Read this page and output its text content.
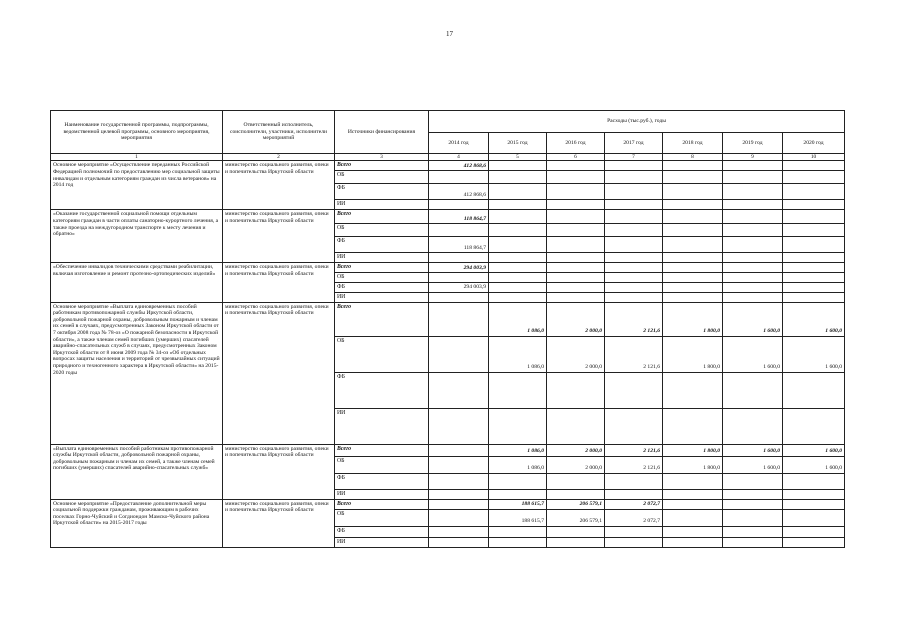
17
Наименование государственной программы, подпрограммы, ведомственной целевой программы, основного мероприятия, мероприятия	Ответственный исполнитель, соисполнители, участники, исполнители мероприятий	Источники финансирования	Расходы (тыс.руб.), годы						
			2014 год	2015 год	2016 год	2017 год	2018 год	2019 год	2020 год
1	2	3	4	5	6	7	8	9	10
Основное мероприятие «Осуществление переданных Российской Федерацией полномочий по предоставлению мер социальной защиты инвалидам и отдельным категориям граждан из числа ветеранов» на 2014 год	министерство социального развития, опеки и попечительства Иркутской области	Всего	412 868,6						
		ОБ							
		ФБ	412 868,6						
		ИИ							
«Оказание государственной социальной помощи отдельным категориям граждан в части оплаты санаторно-курортного лечения, а также проезда на междугородном транспорте к месту лечения и обратно»	министерство социального развития, опеки и попечительства Иркутской области	Всего	118 864,7						
		ОБ							
		ФБ	118 864,7						
		ИИ							
«Обеспечение инвалидов техническими средствами реабилитации, включая изготовление и ремонт протезно-ортопедических изделий»	министерство социального развития, опеки и попечительства Иркутской области	Всего	294 003,9						
		ОБ							
		ФБ	294 003,9						
		ИИ							
Основное мероприятие «Выплата единовременных пособий работникам противопожарной службы Иркутской области, добровольной пожарной охраны, добровольным пожарным и членам их семей в случаях, предусмотренных Законом Иркутской области от 7 октября 2008 года № 78-оз «О пожарной безопасности в Иркутской области», а также членам семей погибших (умерших) спасателей аварийно-спасательных служб в случаях, предусмотренных Законом Иркутской области от 8 июня 2009 года № 34-оз «Об отдельных вопросах защиты населения и территорий от чрезвычайных ситуаций природного и техногенного характера в Иркутской области» на 2015-2020 годы	министерство социального развития, опеки и попечительства Иркутской области	Всего		1 086,0	2 000,0	2 121,6	1 800,0	1 600,0	1 600,0
		ОБ		1 086,0	2 000,0	2 121,6	1 800,0	1 600,0	1 600,0
		ФБ							
		ИИ							
«Выплата единовременных пособий работникам противопожарной службы Иркутской области, добровольной пожарной охраны, добровольным пожарным и членам их семей, а также членам семей погибших (умерших) спасателей аварийно-спасательных служб»	министерство социального развития, опеки и попечительства Иркутской области	Всего		1 086,0	2 000,0	2 121,6	1 800,0	1 600,0	1 600,0
		ОБ		1 086,0	2 000,0	2 121,6	1 800,0	1 600,0	1 600,0
		ФБ							
		ИИ							
Основное мероприятие «Предоставление дополнительной меры социальной поддержки гражданам, проживающим в рабочих поселках Горно-Чуйский и Согдиондон Мамско-Чуйского района Иркутской области» на 2015-2017 годы	министерство социального развития, опеки и попечительства Иркутской области	Всего		188 615,7	206 579,1	2 072,7			
		ОБ		188 615,7	206 579,1	2 072,7			
		ФБ							
		ИИ							
